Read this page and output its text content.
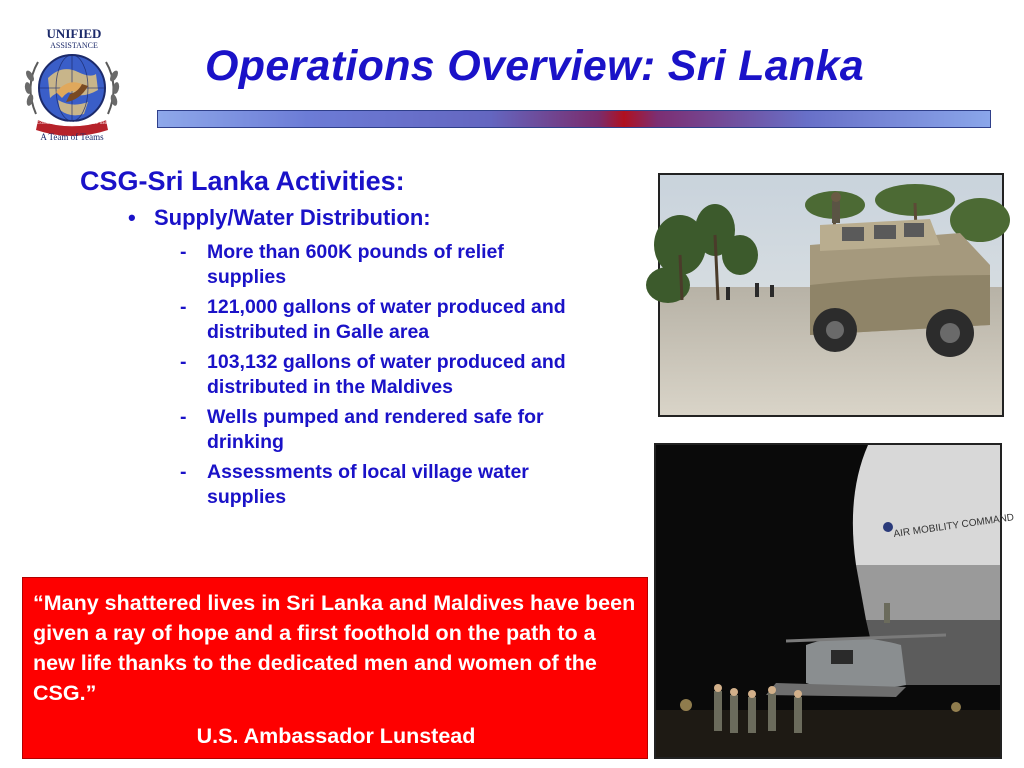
UNIFIED
ASSISTANCE
COMBINED SUPPORT FORCE 536
A Team of Teams
Operations Overview: Sri Lanka
CSG-Sri Lanka Activities:
• Supply/Water Distribution:
- More than 600K pounds of relief supplies
- 121,000 gallons of water produced and distributed in Galle area
- 103,132 gallons of water produced and distributed in the Maldives
- Wells pumped and rendered safe for drinking
- Assessments of local village water supplies
AIR MOBILITY COMMAND
“Many shattered lives in Sri Lanka and Maldives have been given a ray of hope and a first foothold on the path to a new life thanks to the dedicated men and women of the CSG.”
U.S. Ambassador Lunstead
